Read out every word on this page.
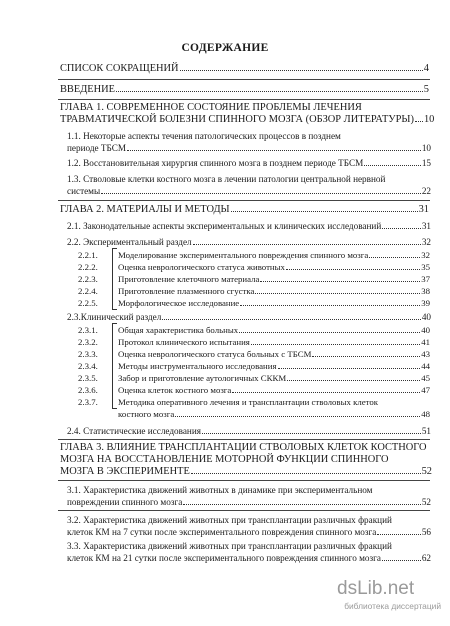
СОДЕРЖАНИЕ
СПИСОК СОКРАЩЕНИЙ	4
ВВЕДЕНИЕ	5
ГЛАВА 1. СОВРЕМЕННОЕ СОСТОЯНИЕ ПРОБЛЕМЫ ЛЕЧЕНИЯ
ТРАВМАТИЧЕСКОЙ БОЛЕЗНИ СПИННОГО МОЗГА (ОБЗОР ЛИТЕРАТУРЫ) 10
1.1. Некоторые аспекты течения патологических процессов в позднем
периоде ТБСМ	10
1.2. Восстановительная хирургия спинного мозга в позднем периоде ТБСМ	15
1.3. Стволовые клетки костного мозга в лечении патологии центральной нервной
системы	22
ГЛАВА 2. МАТЕРИАЛЫ И МЕТОДЫ	31
2.1. Законодательные аспекты экспериментальных и клинических исследований	31
2.2. Экспериментальный раздел	32
2.2.1.	Моделирование экспериментального повреждения спинного мозга	32
2.2.2.	Оценка неврологического статуса животных	35
2.2.3.	Приготовление клеточного материала	37
2.2.4.	Приготовление плазменного сгустка	38
2.2.5.	Морфологическое исследование	39
2.3.Клинический раздел	40
2.3.1.	Общая характеристика больных	40
2.3.2.	Протокол клинического испытания	41
2.3.3.	Оценка неврологического статуса больных с ТБСМ	43
2.3.4.	Методы инструментального исследования	44
2.3.5.	Забор и приготовление аутологичных СККМ	45
2.3.6.	Оценка клеток костного мозга	47
2.3.7. Методика оперативного лечения и трансплантации стволовых клеток
костного мозга	48
2.4. Статистические исследования	51
ГЛАВА 3. ВЛИЯНИЕ ТРАНСПЛАНТАЦИИ СТВОЛОВЫХ КЛЕТОК КОСТНОГО
МОЗГА НА ВОССТАНОВЛЕНИЕ МОТОРНОЙ ФУНКЦИИ СПИННОГО
МОЗГА В ЭКСПЕРИМЕНТЕ	52
3.1. Характеристика движений животных в динамике при экспериментальном
повреждении спинного мозга	52
3.2. Характеристика движений животных при трансплантации различных фракций
клеток КМ на 7 сутки после экспериментального повреждения спинного мозга	56
3.3. Характеристика движений животных при трансплантации различных фракций
клеток КМ на 21 сутки после экспериментального повреждения спинного мозга	62
dsLib.net
библиотека диссертаций
